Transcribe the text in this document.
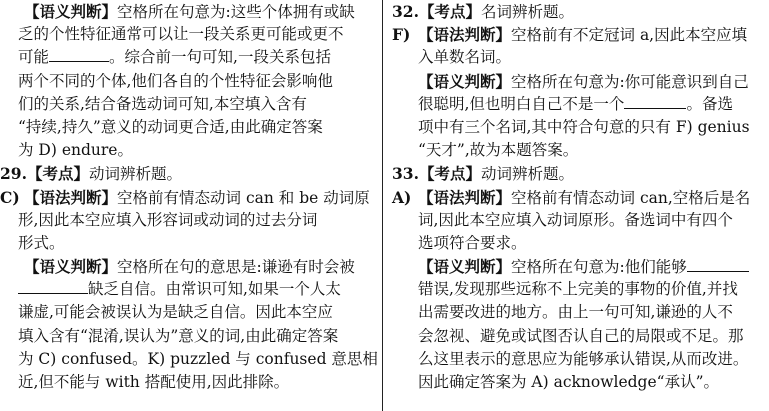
【语义判断】空格所在句意为:这些个体拥有或缺
乏的个性特征通常可以让一段关系更可能或更不
可能	。综合前一句可知,一段关系包括
两个不同的个体,他们各自的个性特征会影响他
们的关系,结合备选动词可知,本空填入含有
“持续,持久”意义的动词更合适,由此确定答案
为 D) endure。
29.【考点】动词辨析题。
C) 【语法判断】空格前有情态动词 can 和 be 动词原
形,因此本空应填入形容词或动词的过去分词
形式。
【语义判断】空格所在句的意思是:谦逊有时会被
缺乏自信。由常识可知,如果一个人太
谦虚,可能会被误认为是缺乏自信。因此本空应
填入含有“混淆,误认为”意义的词,由此确定答案
为 C) confused。K) puzzled 与 confused 意思相
近,但不能与 with 搭配使用,因此排除。
32.【考点】名词辨析题。
F) 【语法判断】空格前有不定冠词 a,因此本空应填
入单数名词。
【语义判断】空格所在句意为:你可能意识到自己
很聪明,但也明白自己不是一个	。备选
项中有三个名词,其中符合句意的只有 F) genius
“天才”,故为本题答案。
33.【考点】动词辨析题。
A) 【语法判断】空格前有情态动词 can,空格后是名
词,因此本空应填入动词原形。备选词中有四个
选项符合要求。
【语义判断】空格所在句意为:他们能够
错误,发现那些远称不上完美的事物的价值,并找
出需要改进的地方。由上一句可知,谦逊的人不
会忽视、避免或试图否认自己的局限或不足。那
么这里表示的意思应为能够承认错误,从而改进。
因此确定答案为 A) acknowledge“承认”。
